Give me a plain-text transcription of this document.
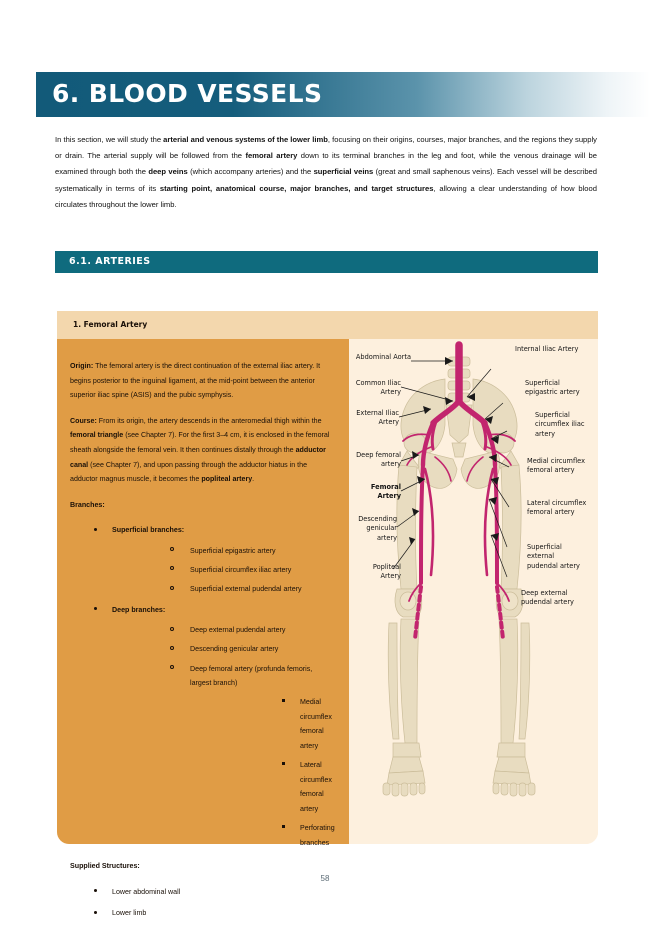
6. BLOOD VESSELS
In this section, we will study the arterial and venous systems of the lower limb, focusing on their origins, courses, major branches, and the regions they supply or drain. The arterial supply will be followed from the femoral artery down to its terminal branches in the leg and foot, while the venous drainage will be examined through both the deep veins (which accompany arteries) and the superficial veins (great and small saphenous veins). Each vessel will be described systematically in terms of its starting point, anatomical course, major branches, and target structures, allowing a clear understanding of how blood circulates throughout the lower limb.
6.1. ARTERIES
1. Femoral Artery

Origin: The femoral artery is the direct continuation of the external iliac artery. It begins posterior to the inguinal ligament, at the mid-point between the anterior superior iliac spine (ASIS) and the pubic symphysis.

Course: From its origin, the artery descends in the anteromedial thigh within the femoral triangle (see Chapter 7). For the first 3–4 cm, it is enclosed in the femoral sheath alongside the femoral vein. It then continues distally through the adductor canal (see Chapter 7), and upon passing through the adductor hiatus in the adductor magnus muscle, it becomes the popliteal artery.

Branches:

Superficial branches:
Superficial epigastric artery
Superficial circumflex iliac artery
Superficial external pudendal artery
Deep branches:
Deep external pudendal artery
Descending genicular artery
Deep femoral artery (profunda femoris, largest branch)
Medial circumflex femoral artery
Lateral circumflex femoral artery
Perforating branches

Supplied Structures:

Lower abdominal wall
Lower limb
Abdominal Aorta
Common Iliac Artery
External Iliac Artery
Deep femoral artery
Femoral Artery
Descending genicular artery
Popliteal Artery
Internal Iliac Artery
Superficial epigastric artery
Superficial circumflex iliac artery
Medial circumflex femoral artery
Lateral circumflex femoral artery
Superficial external pudendal artery
Deep external pudendal artery
58
